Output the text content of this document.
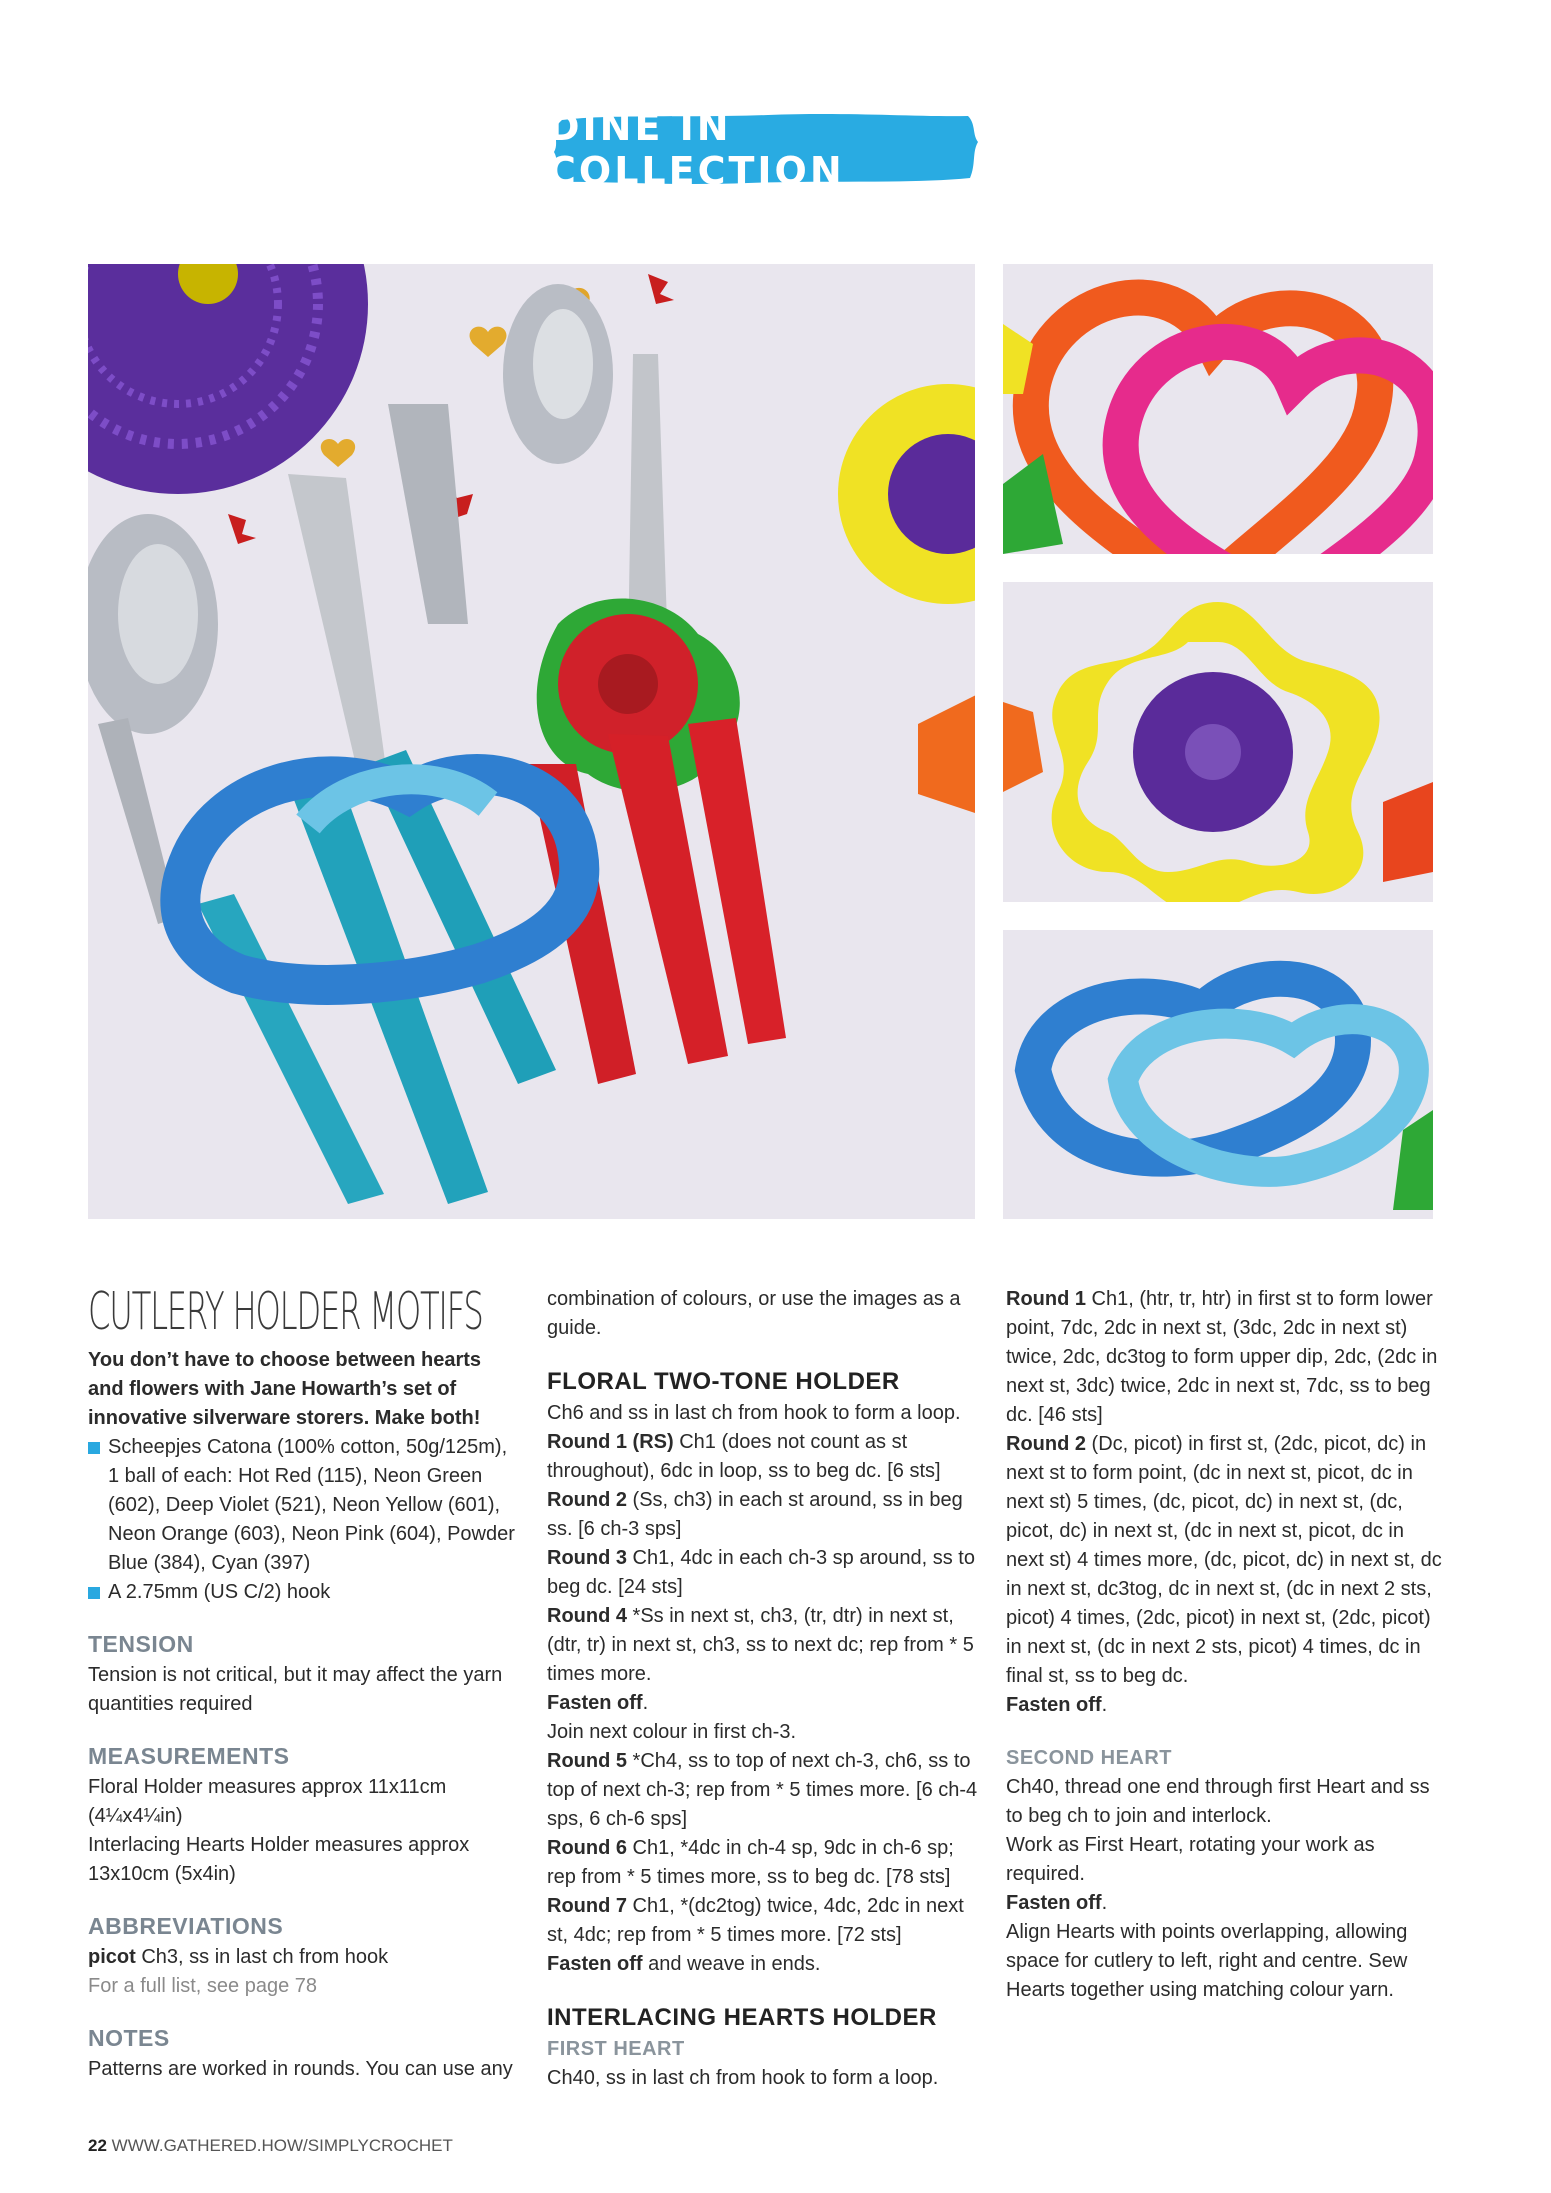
DINE IN COLLECTION
CUTLERY HOLDER MOTIFS

You don’t have to choose between hearts and flowers with Jane Howarth’s set of innovative silverware storers. Make both!

Scheepjes Catona (100% cotton, 50g/125m), 1 ball of each: Hot Red (115), Neon Green (602), Deep Violet (521), Neon Yellow (601), Neon Orange (603), Neon Pink (604), Powder Blue (384), Cyan (397)
A 2.75mm (US C/2) hook
TENSION

Tension is not critical, but it may affect the yarn quantities required

MEASUREMENTS

Floral Holder measures approx 11x11cm (4¼x4¼in)

Interlacing Hearts Holder measures approx 13x10cm (5x4in)

ABBREVIATIONS

picot Ch3, ss in last ch from hook

For a full list, see page 78

NOTES

Patterns are worked in rounds. You can use any

combination of colours, or use the images as a guide.

FLORAL TWO-TONE HOLDER

Ch6 and ss in last ch from hook to form a loop.

Round 1 (RS) Ch1 (does not count as st throughout), 6dc in loop, ss to beg dc. [6 sts]

Round 2 (Ss, ch3) in each st around, ss in beg ss. [6 ch-3 sps]

Round 3 Ch1, 4dc in each ch-3 sp around, ss to beg dc. [24 sts]

Round 4 *Ss in next st, ch3, (tr, dtr) in next st, (dtr, tr) in next st, ch3, ss to next dc; rep from * 5 times more.

Fasten off.

Join next colour in first ch-3.

Round 5 *Ch4, ss to top of next ch-3, ch6, ss to top of next ch-3; rep from * 5 times more. [6 ch-4 sps, 6 ch-6 sps]

Round 6 Ch1, *4dc in ch-4 sp, 9dc in ch-6 sp; rep from * 5 times more, ss to beg dc. [78 sts]

Round 7 Ch1, *(dc2tog) twice, 4dc, 2dc in next st, 4dc; rep from * 5 times more. [72 sts]

Fasten off and weave in ends.

INTERLACING HEARTS HOLDER
FIRST HEART

Ch40, ss in last ch from hook to form a loop.

Round 1 Ch1, (htr, tr, htr) in first st to form lower point, 7dc, 2dc in next st, (3dc, 2dc in next st) twice, 2dc, dc3tog to form upper dip, 2dc, (2dc in next st, 3dc) twice, 2dc in next st, 7dc, ss to beg dc. [46 sts]

Round 2 (Dc, picot) in first st, (2dc, picot, dc) in next st to form point, (dc in next st, picot, dc in next st) 5 times, (dc, picot, dc) in next st, (dc, picot, dc) in next st, (dc in next st, picot, dc in next st) 4 times more, (dc, picot, dc) in next st, dc in next st, dc3tog, dc in next st, (dc in next 2 sts, picot) 4 times, (2dc, picot) in next st, (2dc, picot) in next st, (dc in next 2 sts, picot) 4 times, dc in final st, ss to beg dc.

Fasten off.

SECOND HEART

Ch40, thread one end through first Heart and ss to beg ch to join and interlock.

Work as First Heart, rotating your work as required.

Fasten off.

Align Hearts with points overlapping, allowing space for cutlery to left, right and centre. Sew Hearts together using matching colour yarn.

22 WWW.GATHERED.HOW/SIMPLYCROCHET
